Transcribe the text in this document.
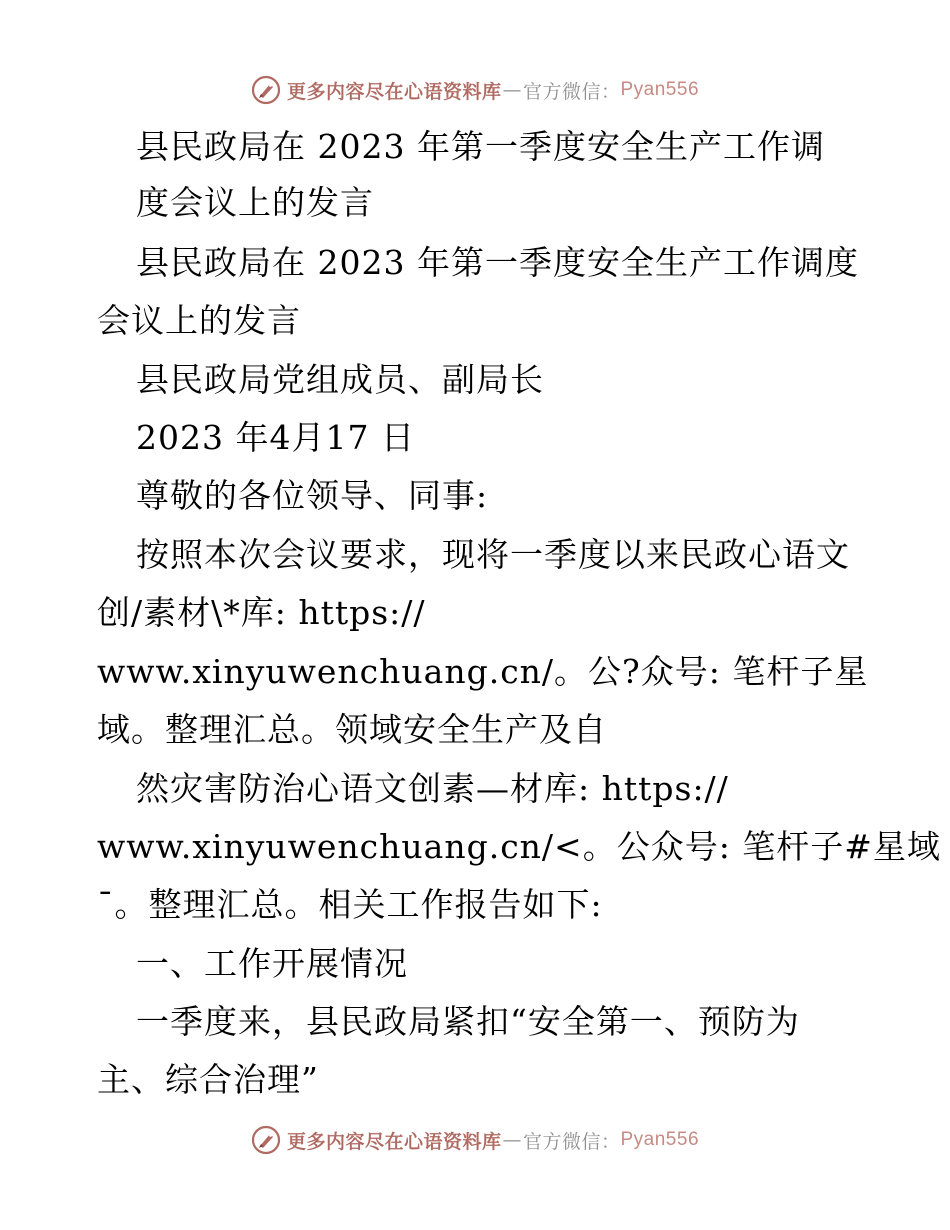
更多内容尽在心语资料库 — 官方微信： Pyan556
县民政局在 2023 年第一季度安全生产工作调
度会议上的发言
县民政局在 2023 年第一季度安全生产工作调度
会议上的发言
县民政局党组成员、副局长
2023 年4月17 日
尊敬的各位领导、同事:
按照本次会议要求，现将一季度以来民政心语文
创/素材\*库: https://
www.xinyuwenchuang.cn/。公?众号: 笔杆子星
域。整理汇总。领域安全生产及自
然灾害防治心语文创素—材库: https://
www.xinyuwenchuang.cn/<。公众号: 笔杆子#星域
¯。整理汇总。相关工作报告如下:
一、工作开展情况
一季度来，县民政局紧扣“安全第一、预防为
主、综合治理”
更多内容尽在心语资料库 — 官方微信： Pyan556
